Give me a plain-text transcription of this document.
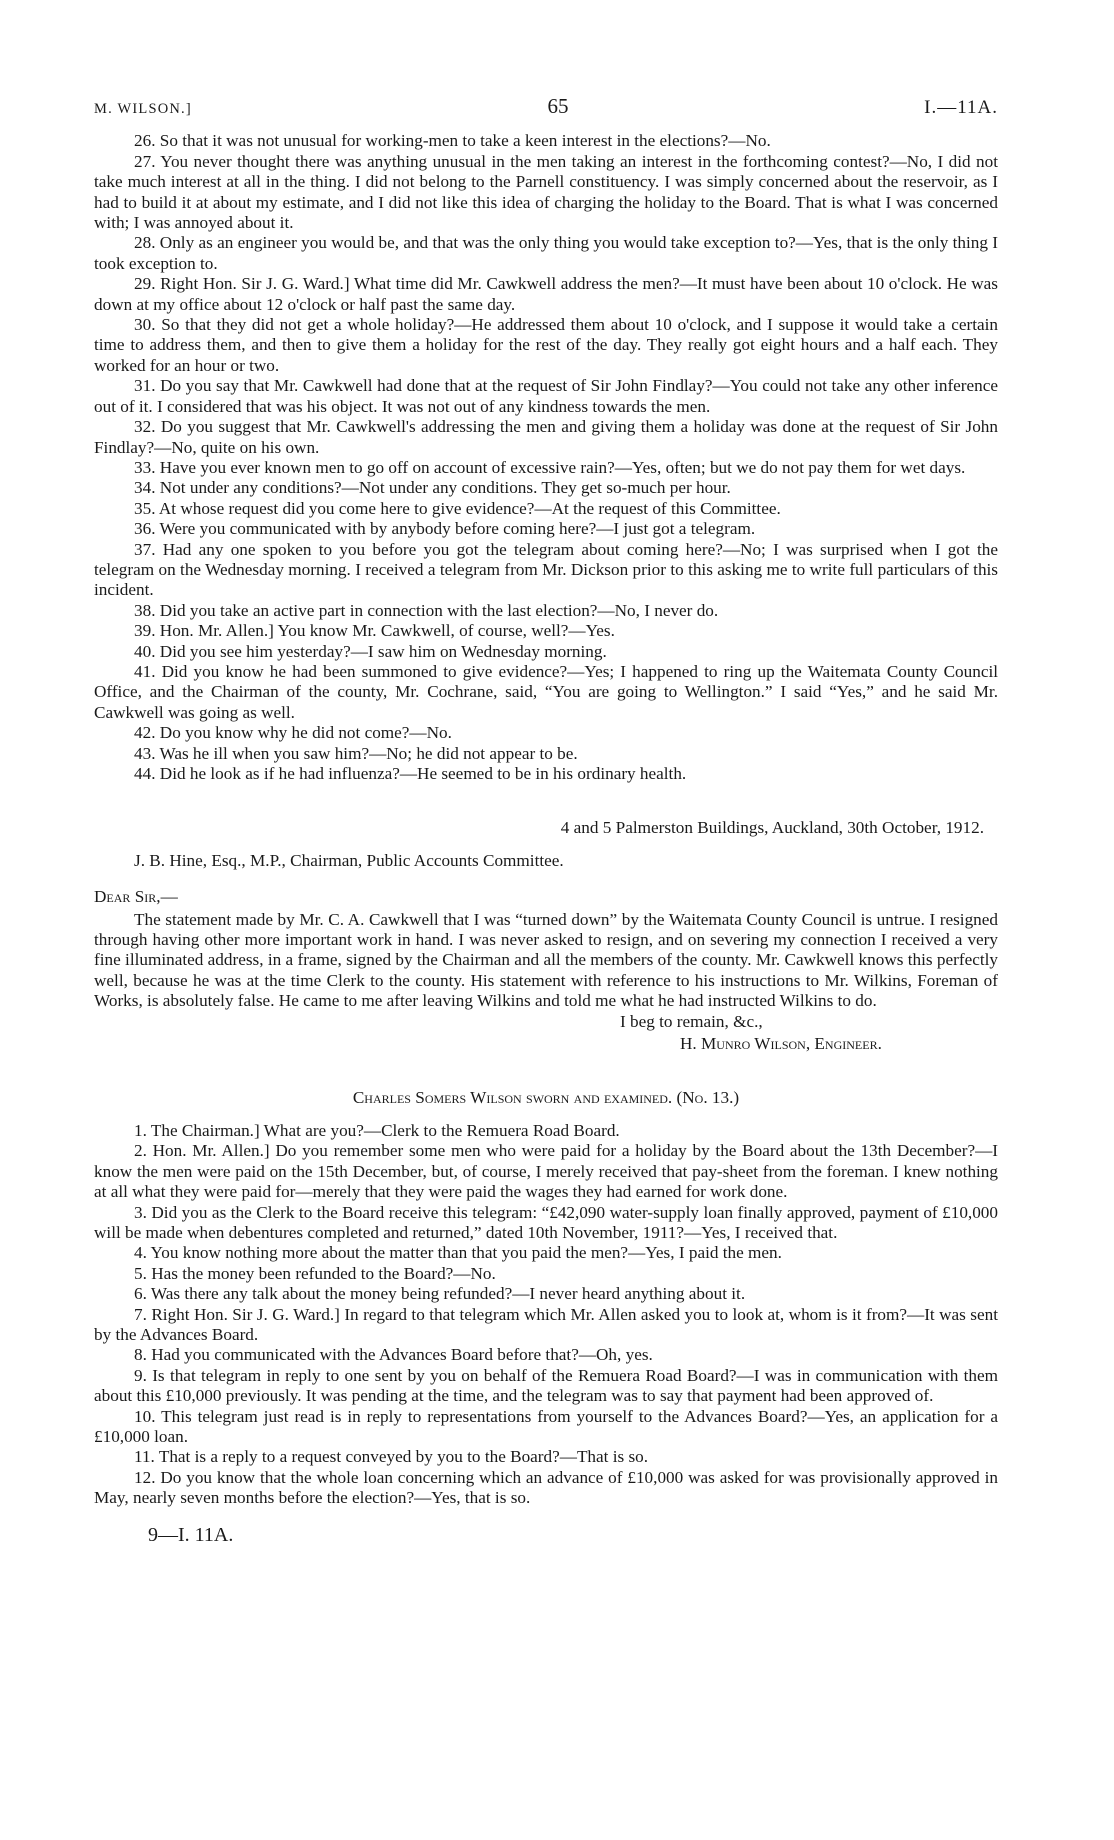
M. WILSON.]	65	I.—11A.

26. So that it was not unusual for working-men to take a keen interest in the elections?—No.

27. You never thought there was anything unusual in the men taking an interest in the forthcoming contest?—No, I did not take much interest at all in the thing. I did not belong to the Parnell constituency. I was simply concerned about the reservoir, as I had to build it at about my estimate, and I did not like this idea of charging the holiday to the Board. That is what I was concerned with; I was annoyed about it.

28. Only as an engineer you would be, and that was the only thing you would take exception to?—Yes, that is the only thing I took exception to.

29. Right Hon. Sir J. G. Ward.] What time did Mr. Cawkwell address the men?—It must have been about 10 o'clock. He was down at my office about 12 o'clock or half past the same day.

30. So that they did not get a whole holiday?—He addressed them about 10 o'clock, and I suppose it would take a certain time to address them, and then to give them a holiday for the rest of the day. They really got eight hours and a half each. They worked for an hour or two.

31. Do you say that Mr. Cawkwell had done that at the request of Sir John Findlay?—You could not take any other inference out of it. I considered that was his object. It was not out of any kindness towards the men.

32. Do you suggest that Mr. Cawkwell's addressing the men and giving them a holiday was done at the request of Sir John Findlay?—No, quite on his own.

33. Have you ever known men to go off on account of excessive rain?—Yes, often; but we do not pay them for wet days.

34. Not under any conditions?—Not under any conditions. They get so-much per hour.

35. At whose request did you come here to give evidence?—At the request of this Committee.

36. Were you communicated with by anybody before coming here?—I just got a telegram.

37. Had any one spoken to you before you got the telegram about coming here?—No; I was surprised when I got the telegram on the Wednesday morning. I received a telegram from Mr. Dickson prior to this asking me to write full particulars of this incident.

38. Did you take an active part in connection with the last election?—No, I never do.

39. Hon. Mr. Allen.] You know Mr. Cawkwell, of course, well?—Yes.

40. Did you see him yesterday?—I saw him on Wednesday morning.

41. Did you know he had been summoned to give evidence?—Yes; I happened to ring up the Waitemata County Council Office, and the Chairman of the county, Mr. Cochrane, said, “You are going to Wellington.” I said “Yes,” and he said Mr. Cawkwell was going as well.

42. Do you know why he did not come?—No.

43. Was he ill when you saw him?—No; he did not appear to be.

44. Did he look as if he had influenza?—He seemed to be in his ordinary health.

4 and 5 Palmerston Buildings, Auckland, 30th October, 1912.

J. B. Hine, Esq., M.P., Chairman, Public Accounts Committee.

Dear Sir,—

The statement made by Mr. C. A. Cawkwell that I was “turned down” by the Waitemata County Council is untrue. I resigned through having other more important work in hand. I was never asked to resign, and on severing my connection I received a very fine illuminated address, in a frame, signed by the Chairman and all the members of the county. Mr. Cawkwell knows this perfectly well, because he was at the time Clerk to the county. His statement with reference to his instructions to Mr. Wilkins, Foreman of Works, is absolutely false. He came to me after leaving Wilkins and told me what he had instructed Wilkins to do.

I beg to remain, &c.,

H. Munro Wilson, Engineer.

Charles Somers Wilson sworn and examined. (No. 13.)

1. The Chairman.] What are you?—Clerk to the Remuera Road Board.

2. Hon. Mr. Allen.] Do you remember some men who were paid for a holiday by the Board about the 13th December?—I know the men were paid on the 15th December, but, of course, I merely received that pay-sheet from the foreman. I knew nothing at all what they were paid for—merely that they were paid the wages they had earned for work done.

3. Did you as the Clerk to the Board receive this telegram: “£42,090 water-supply loan finally approved, payment of £10,000 will be made when debentures completed and returned,” dated 10th November, 1911?—Yes, I received that.

4. You know nothing more about the matter than that you paid the men?—Yes, I paid the men.

5. Has the money been refunded to the Board?—No.

6. Was there any talk about the money being refunded?—I never heard anything about it.

7. Right Hon. Sir J. G. Ward.] In regard to that telegram which Mr. Allen asked you to look at, whom is it from?—It was sent by the Advances Board.

8. Had you communicated with the Advances Board before that?—Oh, yes.

9. Is that telegram in reply to one sent by you on behalf of the Remuera Road Board?—I was in communication with them about this £10,000 previously. It was pending at the time, and the telegram was to say that payment had been approved of.

10. This telegram just read is in reply to representations from yourself to the Advances Board?—Yes, an application for a £10,000 loan.

11. That is a reply to a request conveyed by you to the Board?—That is so.

12. Do you know that the whole loan concerning which an advance of £10,000 was asked for was provisionally approved in May, nearly seven months before the election?—Yes, that is so.

9—I. 11A.
